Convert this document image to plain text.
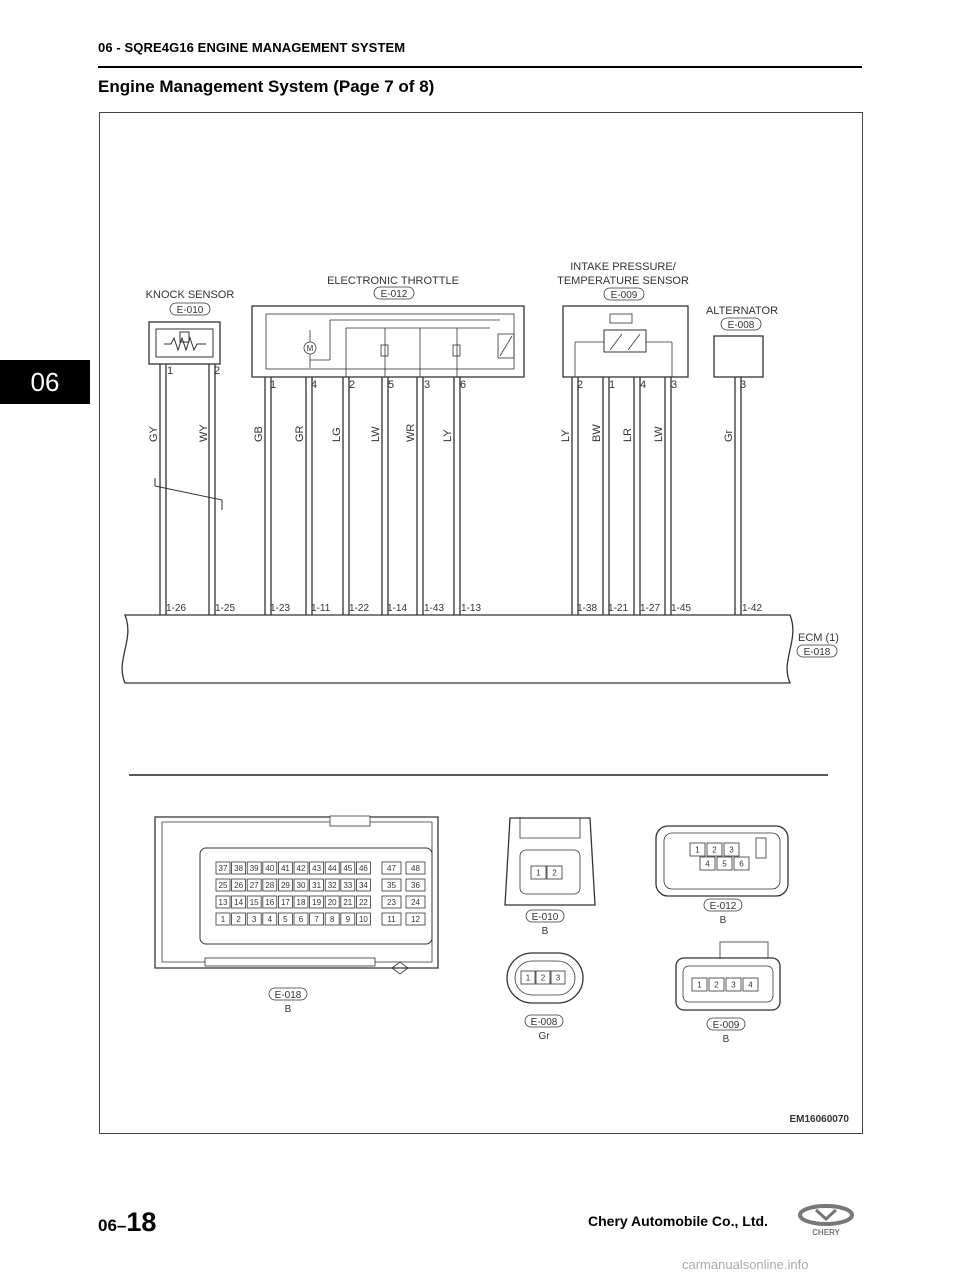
06 - SQRE4G16 ENGINE MANAGEMENT SYSTEM
Engine Management System (Page 7 of 8)
06
M
KNOCK SENSOR
E-010
ELECTRONIC THROTTLE
E-012
INTAKE PRESSURE/
TEMPERATURE SENSOR
E-009
ALTERNATOR
E-008
ECM (1)
E-018
1	2
1	4	2	5	3	6	2 1 4 3	3
GY	WY	GB	GR LG LW WR LY	LY BW LR LW	Gr
1-26	1-25	1-23 1-11 1-22 1-14 1-43 1-13	1-38 1-21 1-27 1-45	1-42
37 38 39 40 41 42 43 44 45 46 47 48
25 26 27 28 29 30 31 32 33 34 35 36
13 14 15 16 17 18 19 20 21 22 23 24
1 2 3 4 5 6 7 8 9 10 11 12
E-018
B
1 2
E-010
B
1 2 3
4 5 6
E-012
B
1 2 3
E-008
Gr
1 2 3 4
E-009
B
EM16060070
06–18	Chery Automobile Co., Ltd.
CHERY
carmanualsonline.info
